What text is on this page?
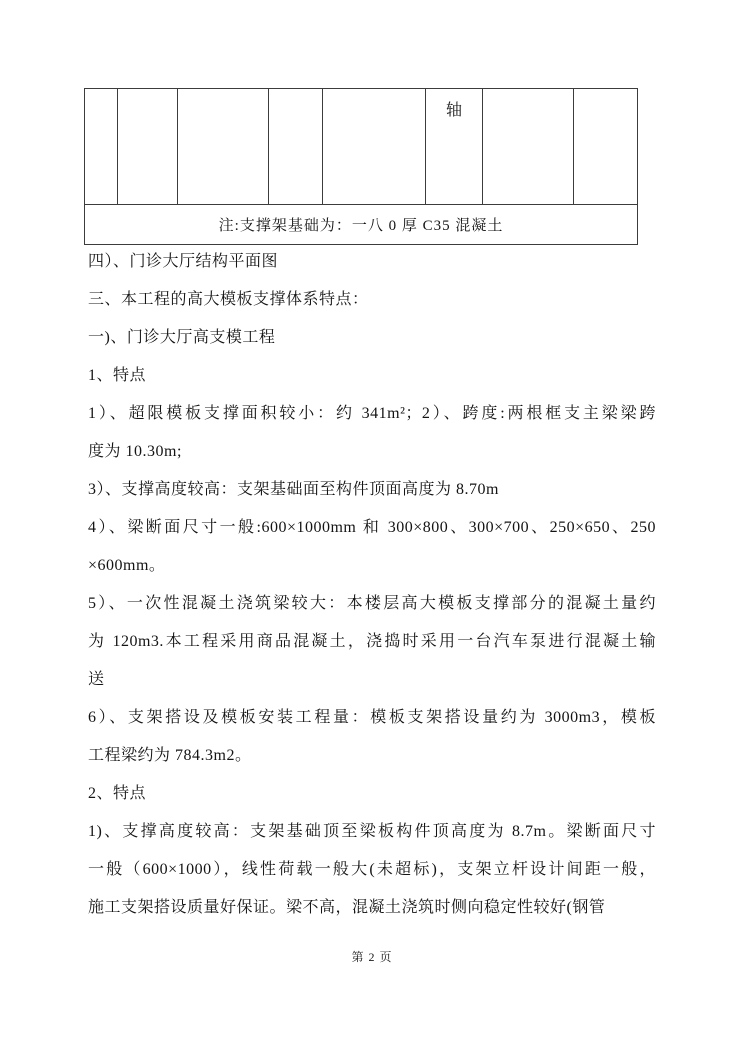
					轴		
注:支撑架基础为：一八 0 厚 C35 混凝土
四）、门诊大厅结构平面图
三、本工程的高大模板支撑体系特点：
一)、门诊大厅高支模工程
1、特点
1）、超限模板支撑面积较小：约 341m²；2）、跨度:两根框支主梁梁跨
度为 10.30m;
3）、支撑高度较高：支架基础面至构件顶面高度为 8.70m
4）、梁断面尺寸一般:600×1000mm 和 300×800、300×700、250×650、250
×600mm。
5）、一次性混凝土浇筑梁较大：本楼层高大模板支撑部分的混凝土量约
为 120m3.本工程采用商品混凝土，浇捣时采用一台汽车泵进行混凝土输
送
6）、支架搭设及模板安装工程量：模板支架搭设量约为 3000m3，模板
工程梁约为 784.3m2。
2、特点
1)、支撑高度较高：支架基础顶至梁板构件顶高度为 8.7m。梁断面尺寸
一般（600×1000），线性荷载一般大(未超标)，支架立杆设计间距一般，
施工支架搭设质量好保证。梁不高，混凝土浇筑时侧向稳定性较好(钢管
第 2 页
